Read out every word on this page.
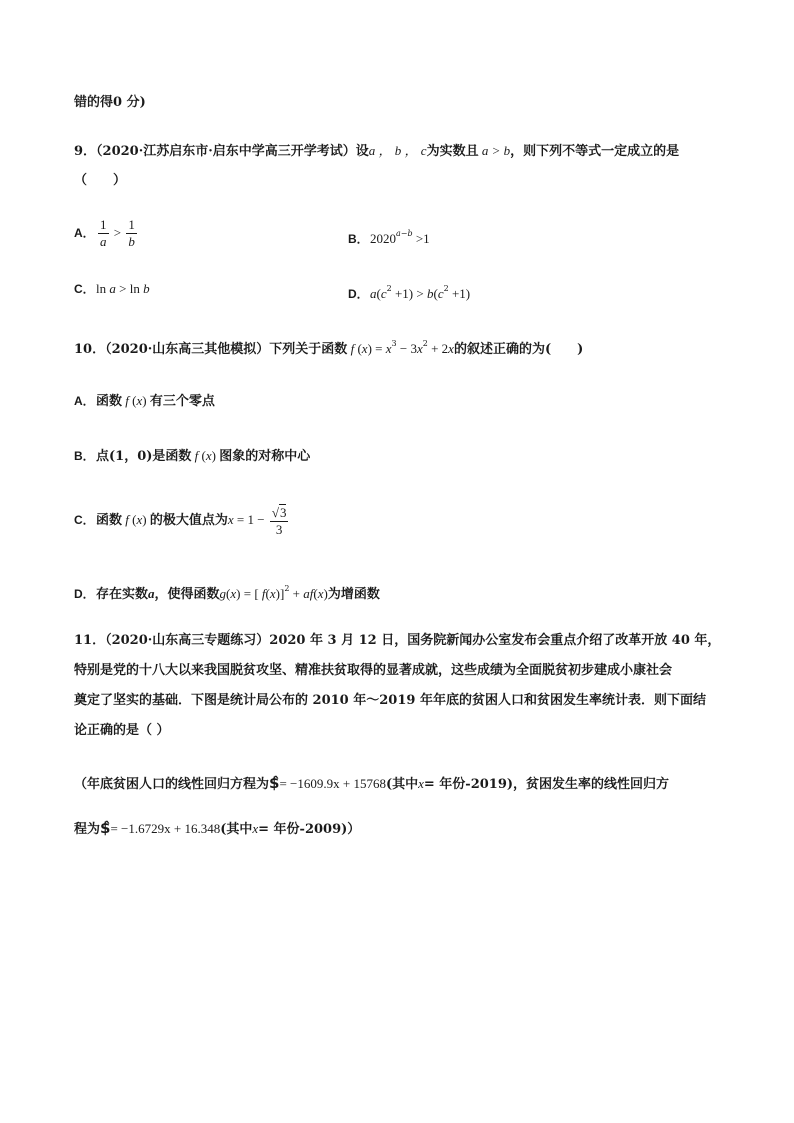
错的得0 分)
9．（2020·江苏启东市·启东中学高三开学考试）设a ， b ， c为实数且 a > b，则下列不等式一定成立的是
（　　）
A． $\frac{1}{a} > \frac{1}{b}$	B．$2020^{a-b} >1$
C．ln a > ln b	D．$a(c^2 +1) > b(c^2 +1)$
10．（2020·山东高三其他模拟）下列关于函数 f $(x) = x^3 - 3x^2 + 2x$的叙述正确的为(　　)
A．函数 f (x) 有三个零点
B．点(1，0)是函数 f (x) 图象的对称中心
C．函数 f (x) 的极大值点为$x = 1 - \frac{√3}{3}$
D．存在实数a，使得函数g(x) = [ f(x)]$^2$ + af(x)为增函数
11．（2020·山东高三专题练习）2020 年 3 月 12 日，国务院新闻办公室发布会重点介绍了改革开放 40 年，
特别是党的十八大以来我国脱贫攻坚、精准扶贫取得的显著成就，这些成绩为全面脱贫初步建成小康社会
奠定了坚实的基础．下图是统计局公布的 2010 年～2019 年年底的贫困人口和贫困发生率统计表．则下面结
论正确的是（ ）
（年底贫困人口的线性回归方程为$̂= −1609.9x + 15768(其中x= 年份-2019)，贫困发生率的线性回归方
程为$̂= −1.6729x + 16.348(其中x= 年份-2009)）
